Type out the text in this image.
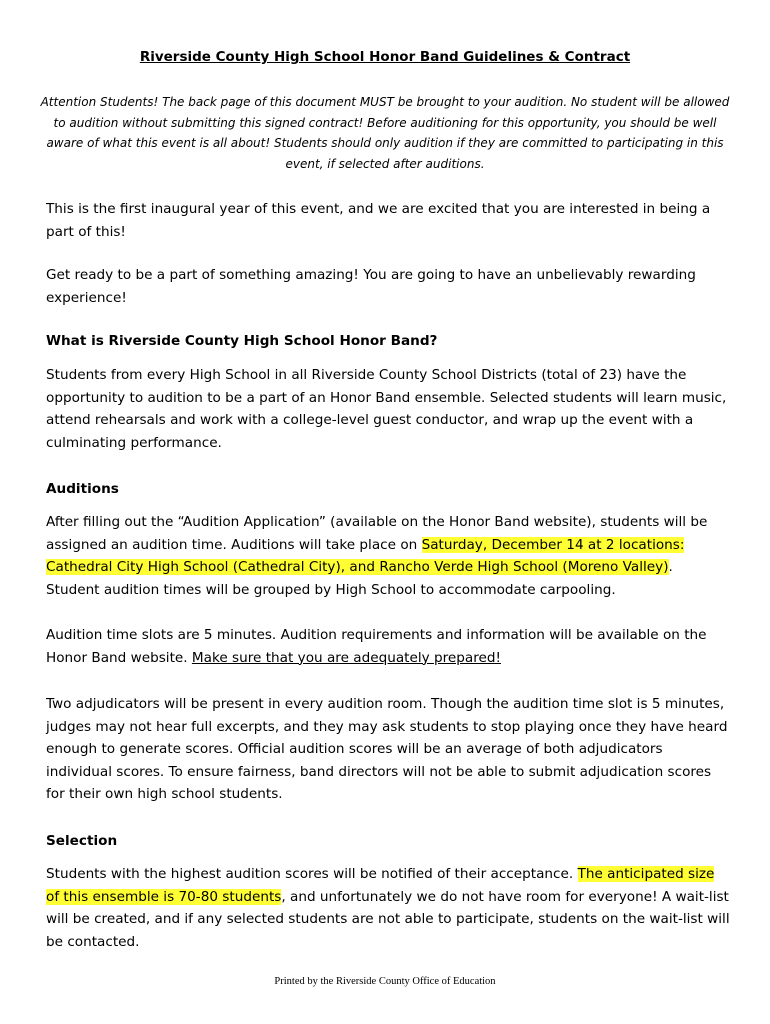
Riverside County High School Honor Band Guidelines & Contract
Attention Students! The back page of this document MUST be brought to your audition. No student will be allowed to audition without submitting this signed contract! Before auditioning for this opportunity, you should be well aware of what this event is all about! Students should only audition if they are committed to participating in this event, if selected after auditions.
This is the first inaugural year of this event, and we are excited that you are interested in being a part of this!
Get ready to be a part of something amazing! You are going to have an unbelievably rewarding experience!
What is Riverside County High School Honor Band?
Students from every High School in all Riverside County School Districts (total of 23) have the opportunity to audition to be a part of an Honor Band ensemble. Selected students will learn music, attend rehearsals and work with a college-level guest conductor, and wrap up the event with a culminating performance.
Auditions
After filling out the “Audition Application” (available on the Honor Band website), students will be assigned an audition time. Auditions will take place on Saturday, December 14 at 2 locations: Cathedral City High School (Cathedral City), and Rancho Verde High School (Moreno Valley). Student audition times will be grouped by High School to accommodate carpooling.
Audition time slots are 5 minutes. Audition requirements and information will be available on the Honor Band website. Make sure that you are adequately prepared!
Two adjudicators will be present in every audition room. Though the audition time slot is 5 minutes, judges may not hear full excerpts, and they may ask students to stop playing once they have heard enough to generate scores. Official audition scores will be an average of both adjudicators individual scores. To ensure fairness, band directors will not be able to submit adjudication scores for their own high school students.
Selection
Students with the highest audition scores will be notified of their acceptance. The anticipated size of this ensemble is 70-80 students, and unfortunately we do not have room for everyone! A wait-list will be created, and if any selected students are not able to participate, students on the wait-list will be contacted.
Printed by the Riverside County Office of Education
